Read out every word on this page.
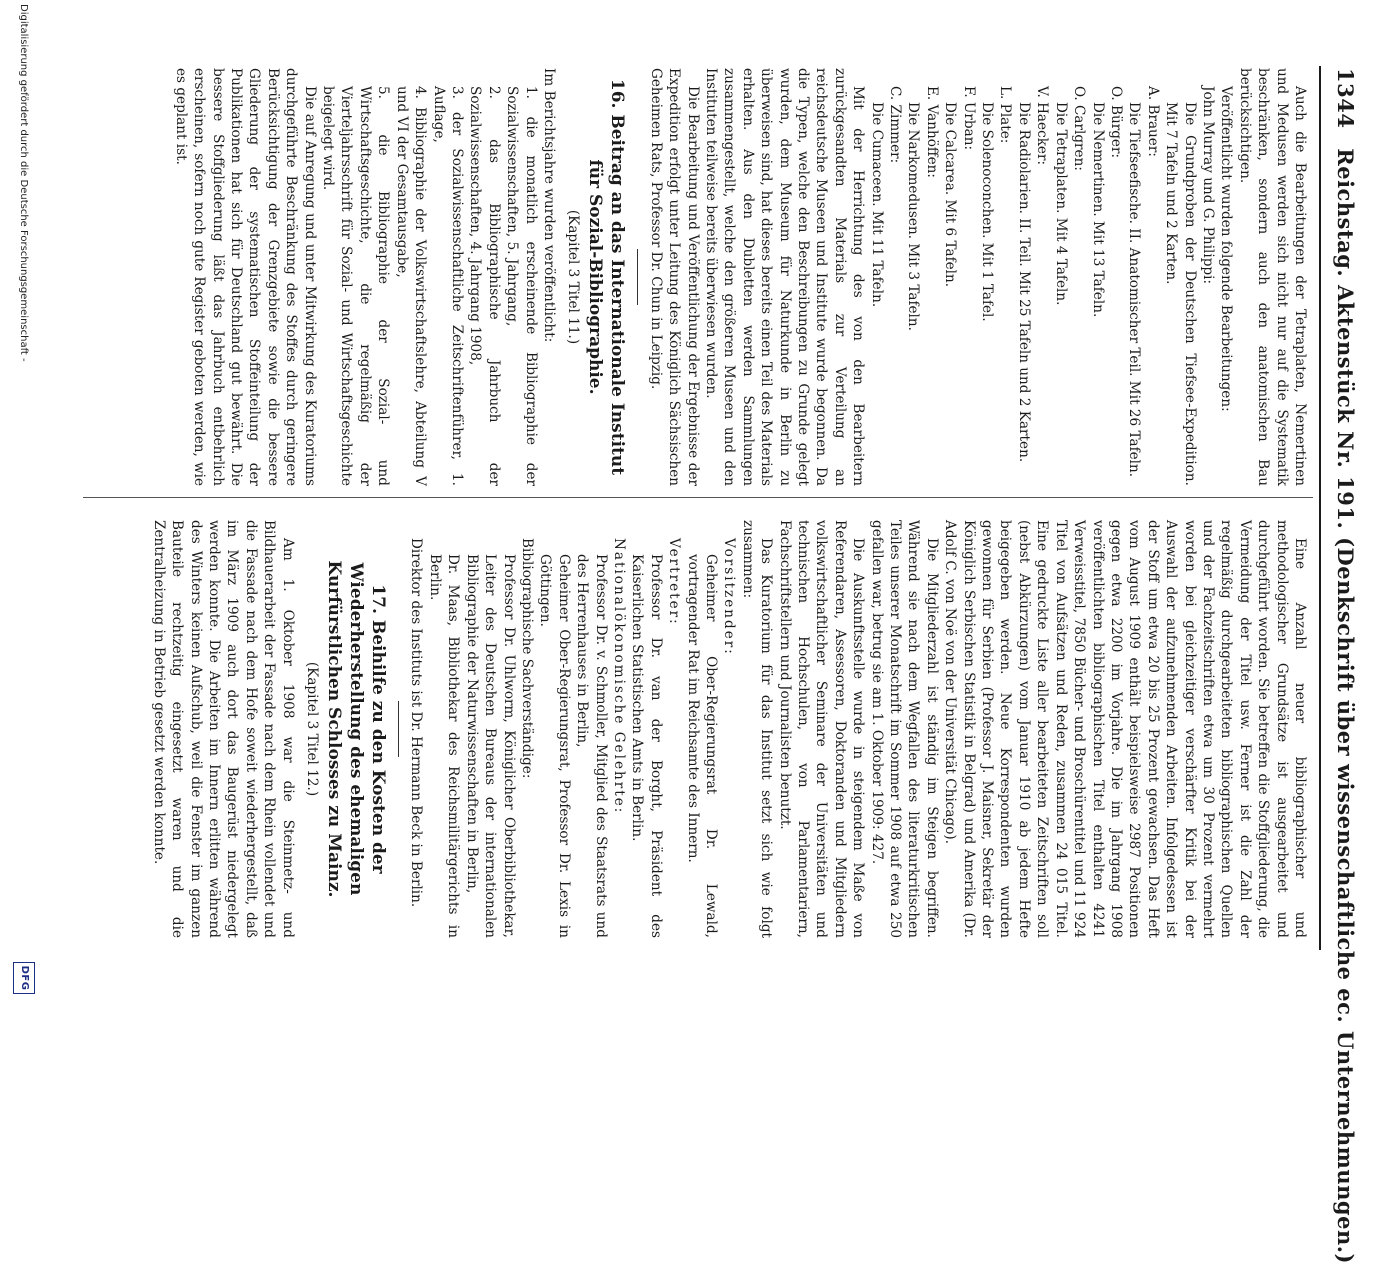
1344 Reichstag. Aktenstück Nr. 191. (Denkschrift über wissenschaftliche ec. Unternehmungen.)

Auch die Bearbeitungen der Tetraplaten, Nemertinen und Medusen werden sich nicht nur auf die Systematik beschränken, sondern auch den anatomischen Bau berücksichtigen.

Veröffentlicht wurden folgende Bearbeitungen:

John Murray und G. Philippi:

Die Grundproben der Deutschen Tiefsee-Expedition. Mit 7 Tafeln und 2 Karten.
A. Brauer:
Die Tiefseefische. II. Anatomischer Teil. Mit 26 Tafeln.
O. Bürger:
Die Nemertinen. Mit 13 Tafeln.
O. Carlgren:
Die Tetraplaten. Mit 4 Tafeln.
V. Haecker:
Die Radiolarien. II. Teil. Mit 25 Tafeln und 2 Karten.
L. Plate:
Die Solenoconchen. Mit 1 Tafel.
F. Urban:
Die Calcarea. Mit 6 Tafeln.
E. Vanhöffen:
Die Narkomedusen. Mit 3 Tafeln.
C. Zimmer:
Die Cumaceen. Mit 11 Tafeln.

Mit der Herrichtung des von den Bearbeitern zurückgesandten Materials zur Verteilung an reichsdeutsche Museen und Institute wurde begonnen. Da die Typen, welche den Beschreibungen zu Grunde gelegt wurden, dem Museum für Naturkunde in Berlin zu überweisen sind, hat dieses bereits einen Teil des Materials erhalten. Aus den Dubletten werden Sammlungen zusammengestellt, welche den größeren Museen und den Instituten teilweise bereits überwiesen wurden.

Die Bearbeitung und Veröffentlichung der Ergebnisse der Expedition erfolgt unter Leitung des Königlich Sächsischen Geheimen Rats, Professor Dr. Chun in Leipzig.

16. Beitrag an das Internationale Institut für Sozial-Bibliographie.
(Kapitel 3 Titel 11.)

Im Berichtsjahre wurden veröffentlicht:

1. die monatlich erscheinende Bibliographie der Sozialwissenschaften, 5. Jahrgang,
2. das Bibliographische Jahrbuch der Sozialwissenschaften, 4. Jahrgang 1908,
3. der Sozialwissenschaftliche Zeitschriftenführer, 1. Auflage,
4. Bibliographie der Volkswirtschaftslehre, Abteilung V und VI der Gesamtausgabe,
5. die Bibliographie der Sozial- und Wirtschaftsgeschichte, die regelmäßig der Vierteljahrsschrift für Sozial- und Wirtschaftsgeschichte beigelegt wird.

Die auf Anregung und unter Mitwirkung des Kuratoriums durchgeführte Beschränkung des Stoffes durch geringere Berücksichtigung der Grenzgebiete sowie die bessere Gliederung der systematischen Stoffeinteilung der Publikationen hat sich für Deutschland gut bewährt. Die bessere Stoffgliederung läßt das Jahrbuch entbehrlich erscheinen, sofern noch gute Register geboten werden, wie es geplant ist.

Eine Anzahl neuer bibliographischer und methodologischer Grundsätze ist ausgearbeitet und durchgeführt worden. Sie betreffen die Stoffgliederung, die Vermeidung der Titel usw. Ferner ist die Zahl der regelmäßig durchgearbeiteten bibliographischen Quellen und der Fachzeitschriften etwa um 30 Prozent vermehrt worden bei gleichzeitiger verschärfter Kritik bei der Auswahl der aufzunehmenden Arbeiten. Infolgedessen ist der Stoff um etwa 20 bis 25 Prozent gewachsen. Das Heft vom August 1909 enthält beispielsweise 2987 Positionen gegen etwa 2200 im Vorjahre. Die im Jahrgang 1908 veröffentlichten bibliographischen Titel enthalten 4241 Verweisstitel, 7850 Bücher- und Broschürentitel und 11 924 Titel von Aufsätzen und Reden, zusammen 24 015 Titel. Eine gedruckte Liste aller bearbeiteten Zeitschriften soll (nebst Abkürzungen) vom Januar 1910 ab jedem Hefte beigegeben werden. Neue Korrespondenten wurden gewonnen für Serbien (Professor J. Maisner, Sekretär der Königlich Serbischen Statistik in Belgrad) und Amerika (Dr. Adolf C. von Noë von der Universität Chicago).

Die Mitgliederzahl ist ständig im Steigen begriffen. Während sie nach dem Wegfallen des literaturkritischen Teiles unserer Monatschrift im Sommer 1908 auf etwa 250 gefallen war, betrug sie am 1. Oktober 1909: 427.

Die Auskunftsstelle wurde in steigendem Maße von Referendaren, Assessoren, Doktoranden und Mitgliedern volkswirtschaftlicher Seminare der Universitäten und technischen Hochschulen, von Parlamentariern, Fachschriftstellern und Journalisten benutzt.

Das Kuratorium für das Institut setzt sich wie folgt zusammen:

Vorsitzender:
Geheimer Ober-Regierungsrat Dr. Lewald, vortragender Rat im Reichsamte des Innern.
Vertreter:
Professor Dr. van der Borght, Präsident des Kaiserlichen Statistischen Amts in Berlin.
Nationalökonomische Gelehrte:
Professor Dr. v. Schmoller, Mitglied des Staatsrats und des Herrenhauses in Berlin,
Geheimer Ober-Regierungsrat, Professor Dr. Lexis in Göttingen.
Bibliographische Sachverständige:
Professor Dr. Uhlworm, Königlicher Oberbibliothekar, Leiter des Deutschen Bureaus der internationalen Bibliographie der Naturwissenschaften in Berlin,
Dr. Maas, Bibliothekar des Reichsmilitärgerichts in Berlin.

Direktor des Instituts ist Dr. Hermann Beck in Berlin.

17. Beihilfe zu den Kosten der Wiederherstellung des ehemaligen Kurfürstlichen Schlosses zu Mainz.
(Kapitel 3 Titel 12.)

Am 1. Oktober 1908 war die Steinmetz- und Bildhauerarbeit der Fassade nach dem Rhein vollendet und die Fassade nach dem Hofe soweit wiederhergestellt, daß im März 1909 auch dort das Baugerüst niedergelegt werden konnte. Die Arbeiten im Innern erlitten während des Winters keinen Aufschub, weil die Fenster im ganzen Bauteile rechtzeitig eingesetzt waren und die Zentralheizung in Betrieb gesetzt werden konnte.

Digitalisierung gefördert durch die Deutsche Forschungsgemeinschaft -
DFG
